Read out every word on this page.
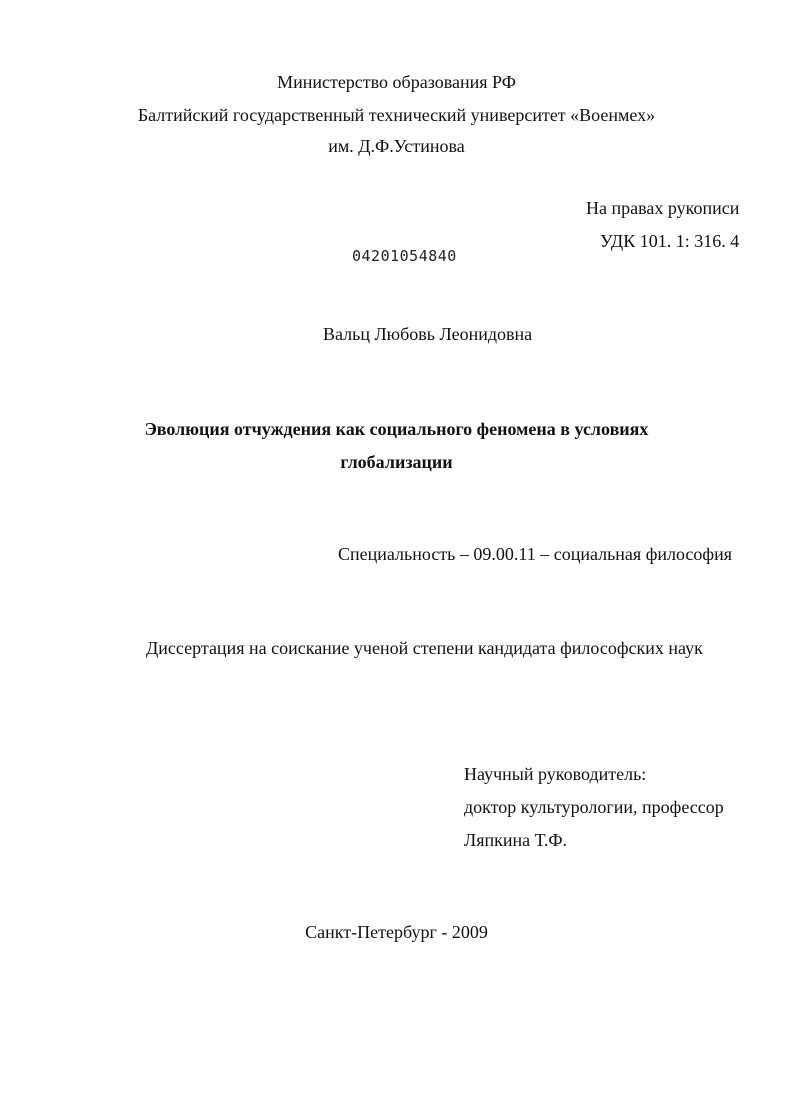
Министерство образования РФ
Балтийский государственный технический университет «Военмех»
им. Д.Ф.Устинова
На правах рукописи
УДК 101. 1: 316. 4
04201054840
Вальц Любовь Леонидовна
Эволюция отчуждения как социального феномена в условиях
глобализации
Специальность – 09.00.11 – социальная философия
Диссертация на соискание ученой степени кандидата философских наук
Научный руководитель:
доктор культурологии, профессор
Ляпкина Т.Ф.
Санкт-Петербург - 2009
